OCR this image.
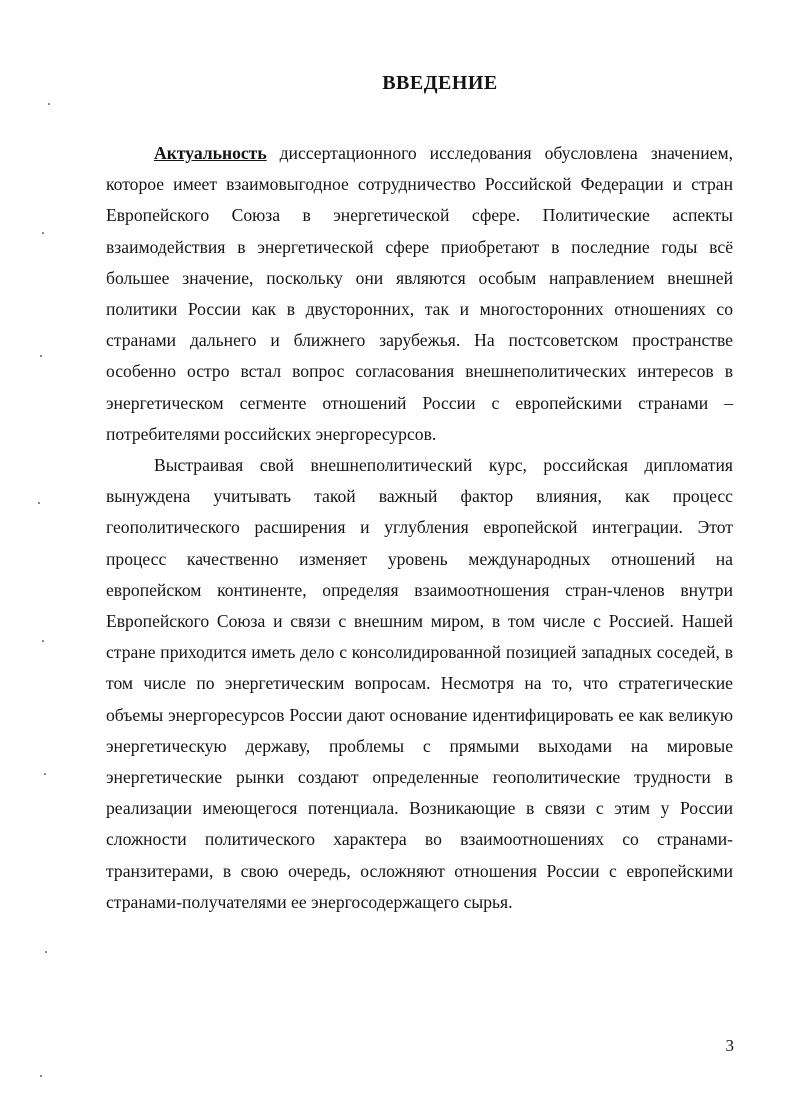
ВВЕДЕНИЕ

Актуальность диссертационного исследования обусловлена значением, которое имеет взаимовыгодное сотрудничество Российской Федерации и стран Европейского Союза в энергетической сфере. Политические аспекты взаимодействия в энергетической сфере приобретают в последние годы всё большее значение, поскольку они являются особым направлением внешней политики России как в двусторонних, так и многосторонних отношениях со странами дальнего и ближнего зарубежья. На постсоветском пространстве особенно остро встал вопрос согласования внешнеполитических интересов в энергетическом сегменте отношений России с европейскими странами – потребителями российских энергоресурсов.

Выстраивая свой внешнеполитический курс, российская дипломатия вынуждена учитывать такой важный фактор влияния, как процесс геополитического расширения и углубления европейской интеграции. Этот процесс качественно изменяет уровень международных отношений на европейском континенте, определяя взаимоотношения стран-членов внутри Европейского Союза и связи с внешним миром, в том числе с Россией. Нашей стране приходится иметь дело с консолидированной позицией западных соседей, в том числе по энергетическим вопросам. Несмотря на то, что стратегические объемы энергоресурсов России дают основание идентифицировать ее как великую энергетическую державу, проблемы с прямыми выходами на мировые энергетические рынки создают определенные геополитические трудности в реализации имеющегося потенциала. Возникающие в связи с этим у России сложности политического характера во взаимоотношениях со странами-транзитерами, в свою очередь, осложняют отношения России с европейскими странами-получателями ее энергосодержащего сырья.

3
